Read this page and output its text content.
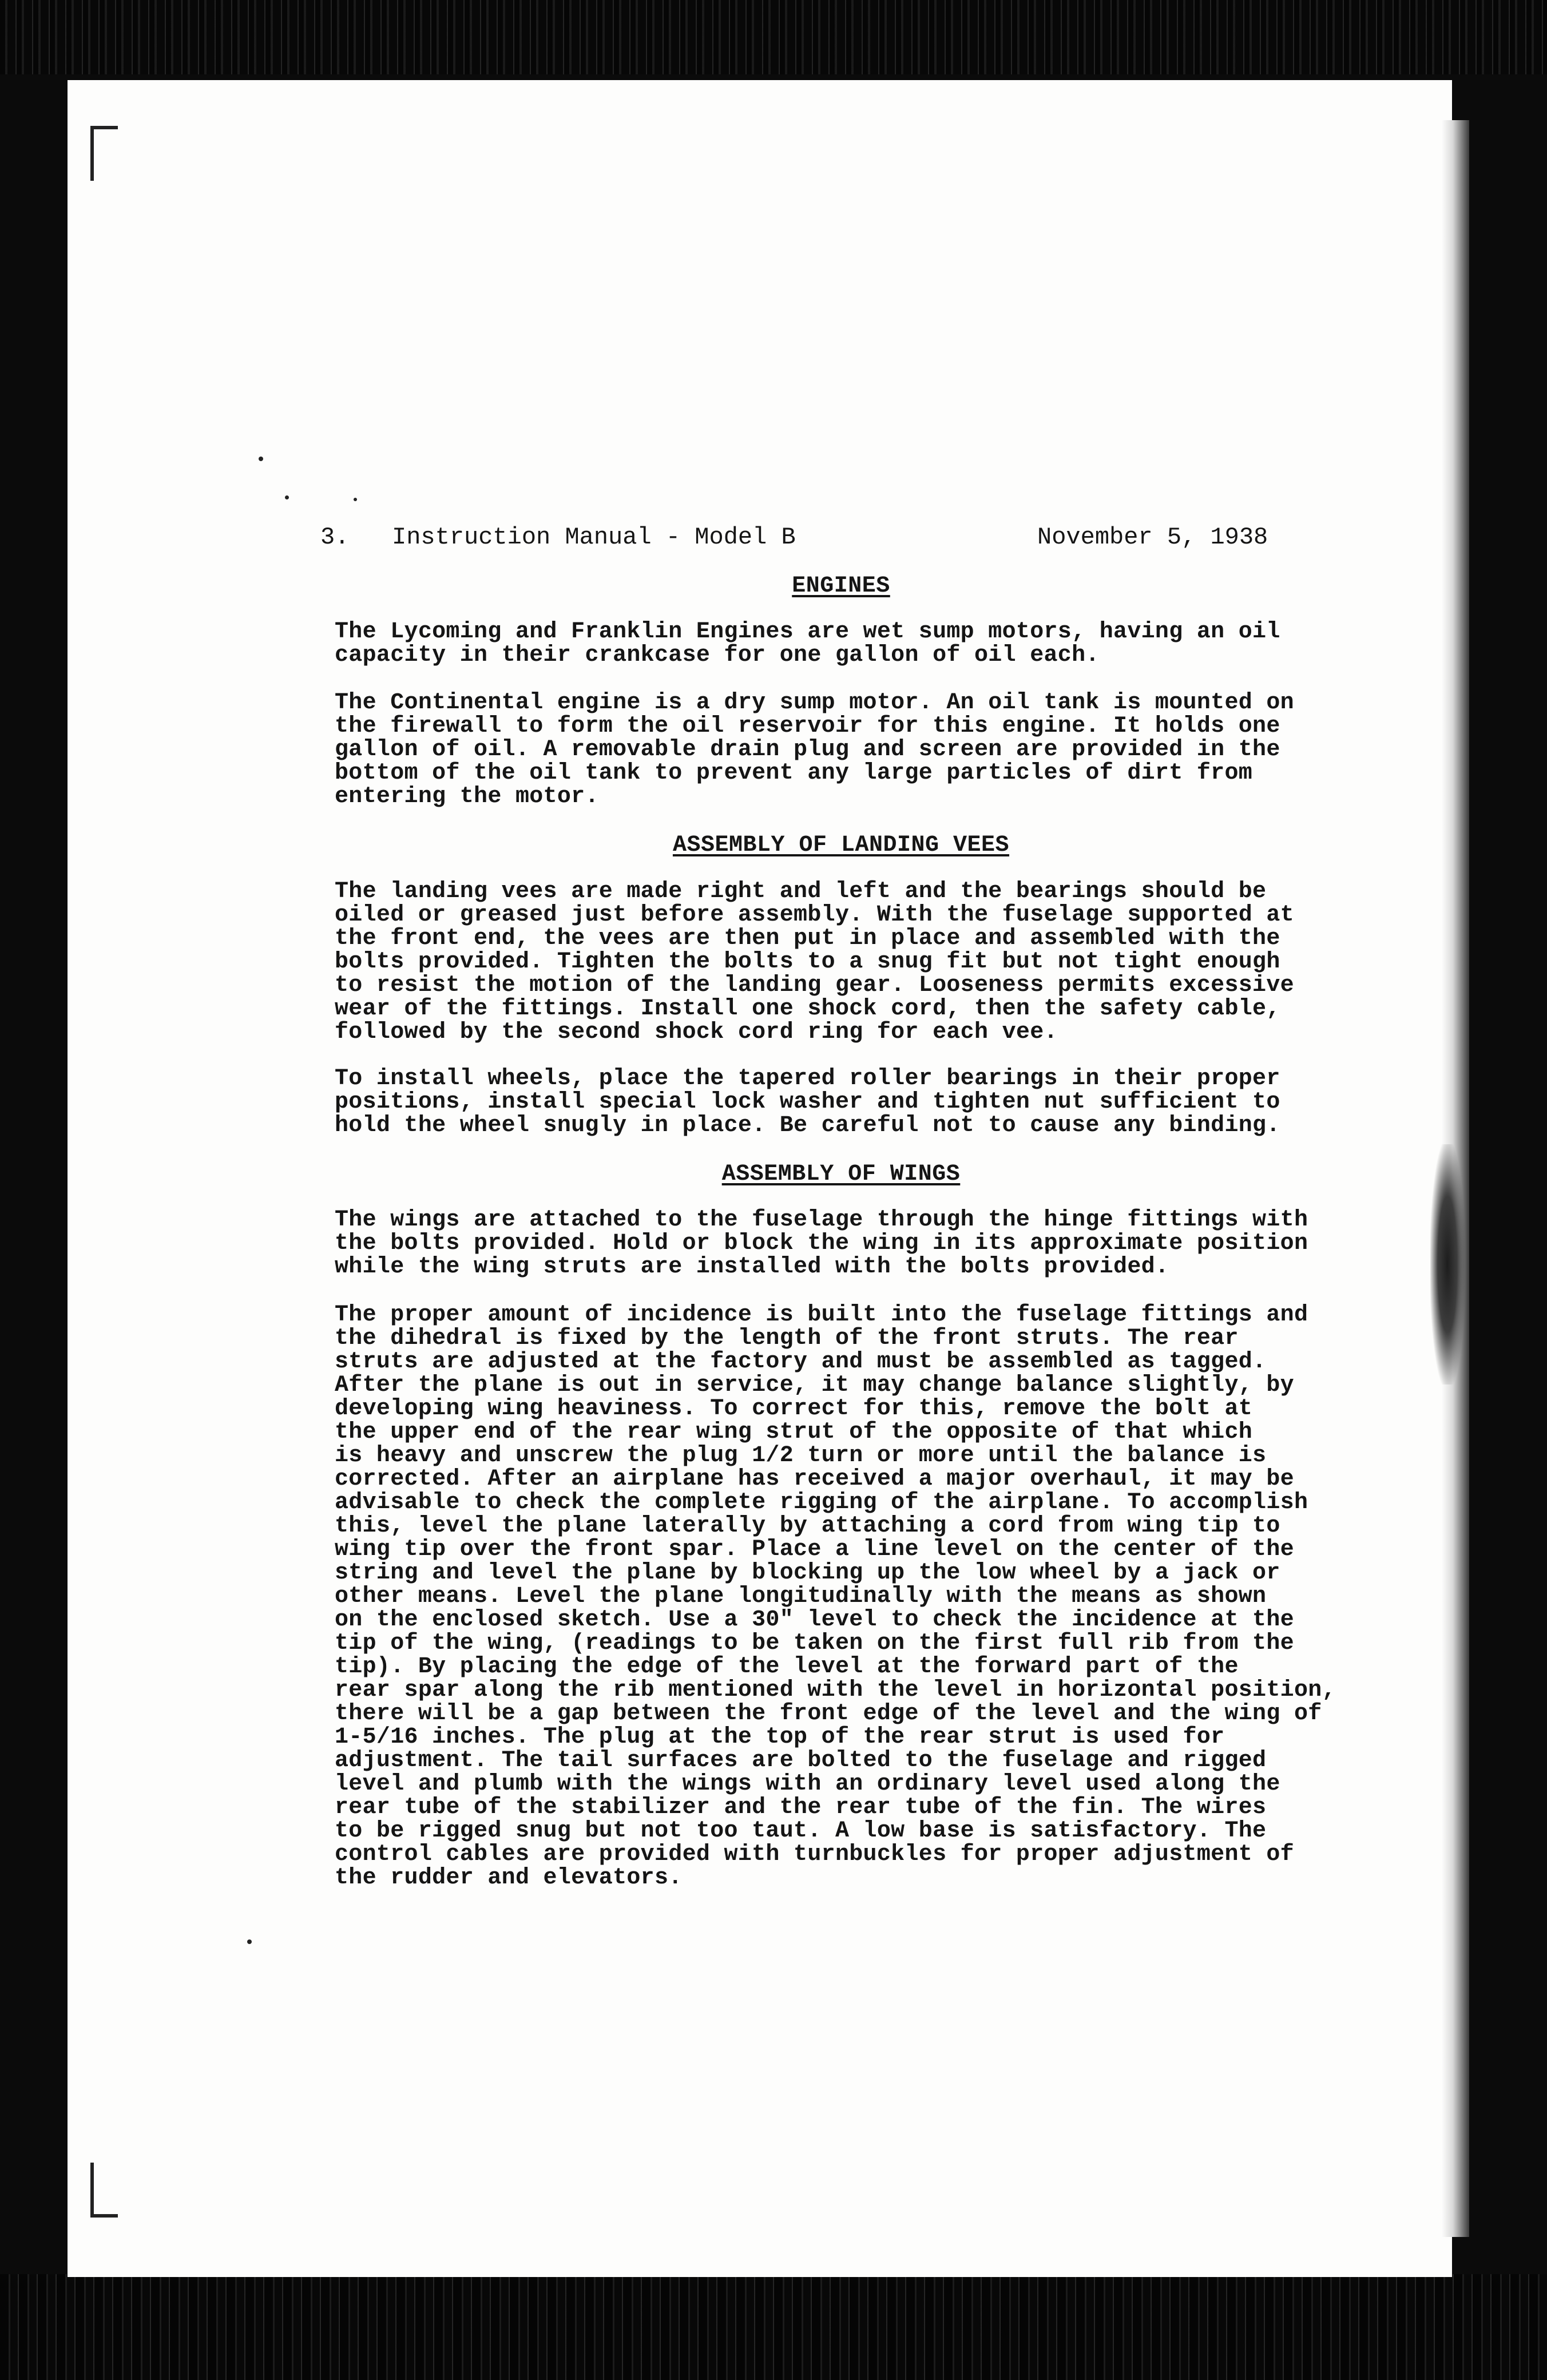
3.

Instruction Manual - Model B

	November 5, 1938

ENGINES

The Lycoming and Franklin Engines are wet sump motors, having an oil
capacity in their crankcase for one gallon of oil each.

The Continental engine is a dry sump motor. An oil tank is mounted on
the firewall to form the oil reservoir for this engine. It holds one
gallon of oil. A removable drain plug and screen are provided in the
bottom of the oil tank to prevent any large particles of dirt from
entering the motor.

ASSEMBLY OF LANDING VEES

The landing vees are made right and left and the bearings should be
oiled or greased just before assembly. With the fuselage supported at
the front end, the vees are then put in place and assembled with the
bolts provided. Tighten the bolts to a snug fit but not tight enough
to resist the motion of the landing gear. Looseness permits excessive
wear of the fittings. Install one shock cord, then the safety cable,
followed by the second shock cord ring for each vee.

To install wheels, place the tapered roller bearings in their proper
positions, install special lock washer and tighten nut sufficient to
hold the wheel snugly in place. Be careful not to cause any binding.

ASSEMBLY OF WINGS

The wings are attached to the fuselage through the hinge fittings with
the bolts provided. Hold or block the wing in its approximate position
while the wing struts are installed with the bolts provided.

The proper amount of incidence is built into the fuselage fittings and
the dihedral is fixed by the length of the front struts. The rear
struts are adjusted at the factory and must be assembled as tagged.
After the plane is out in service, it may change balance slightly, by
developing wing heaviness. To correct for this, remove the bolt at
the upper end of the rear wing strut of the opposite of that which
is heavy and unscrew the plug 1/2 turn or more until the balance is
corrected. After an airplane has received a major overhaul, it may be
advisable to check the complete rigging of the airplane. To accomplish
this, level the plane laterally by attaching a cord from wing tip to
wing tip over the front spar. Place a line level on the center of the
string and level the plane by blocking up the low wheel by a jack or
other means. Level the plane longitudinally with the means as shown
on the enclosed sketch. Use a 30" level to check the incidence at the
tip of the wing, (readings to be taken on the first full rib from the
tip). By placing the edge of the level at the forward part of the
rear spar along the rib mentioned with the level in horizontal position,
there will be a gap between the front edge of the level and the wing of
1-5/16 inches. The plug at the top of the rear strut is used for
adjustment. The tail surfaces are bolted to the fuselage and rigged
level and plumb with the wings with an ordinary level used along the
rear tube of the stabilizer and the rear tube of the fin. The wires
to be rigged snug but not too taut. A low base is satisfactory. The
control cables are provided with turnbuckles for proper adjustment of
the rudder and elevators.
